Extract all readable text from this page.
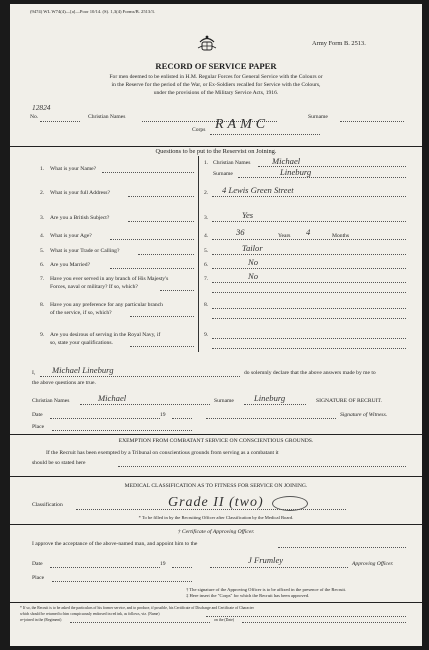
(9474) WL W74(4)—[a]—Poor 10/14. (S). 1,3(4) Forms/B. 2513/3.
Army Form B. 2513.
RECORD OF SERVICE PAPER
For men deemed to be enlisted in H.M. Regular Forces for General Service with the Colours or
in the Reserve for the period of the War, or Ex-Soldiers recalled for Service with the Colours,
under the provisions of the Military Service Acts, 1916.
12824
No.	Christian Names	Surname
Corps RAMC
Questions to be put to the Reservist on Joining.
1. What is your Name?
1. Christian Names	Michael
Surname	Lineburg
2. What is your full Address?	2. 4 Lewis Green Street
3. Are you a British Subject?	3.	Yes
4. What is your Age?	4.	36	Years 4	Months
5. What is your Trade or Calling?	5.	Tailor
6. Are you Married?	6.	No
7. Have you ever served in any branch of His Majesty's
Forces, naval or military? If so, which?
7.	No
8. Have you any preference for any particular branch
of the service, if so, which?
8.
9. Are you desirous of serving in the Royal Navy, if
so, state your qualifications.
9.
I, Michael Lineburg	do solemnly declare that the above answers made by me to
the above questions are true.
Christian Names	Michael	Surname Lineburg	SIGNATURE OF RECRUIT.
Date	19	Signature of Witness.
Place
EXEMPTION FROM COMBATANT SERVICE ON CONSCIENTIOUS GROUNDS.
If the Recruit has been exempted by a Tribunal on conscientious grounds from serving as a combatant it
should be so stated here
MEDICAL CLASSIFICATION AS TO FITNESS FOR SERVICE ON JOINING.
Classification	Grade II (two)
* To be filled in by the Recruiting Officer after Classification by the Medical Board.
† Certificate of Approving Officer.
I approve the acceptance of the above-named man, and appoint him to the
Date	19	J Frumley	Approving Officer.
Place
† The signature of the Approving Officer is to be affixed in the presence of the Recruit.
‡ Here insert the "Corps" for which the Recruit has been approved.
* If so, the Recruit is to be asked the particulars of his former service, and to produce, if possible, his Certificate of Discharge and Certificate of Character
which should be returned to him conspicuously endorsed in red ink, as follows, viz. (Name)
re-joined in the (Regiment)	on the (Date)
